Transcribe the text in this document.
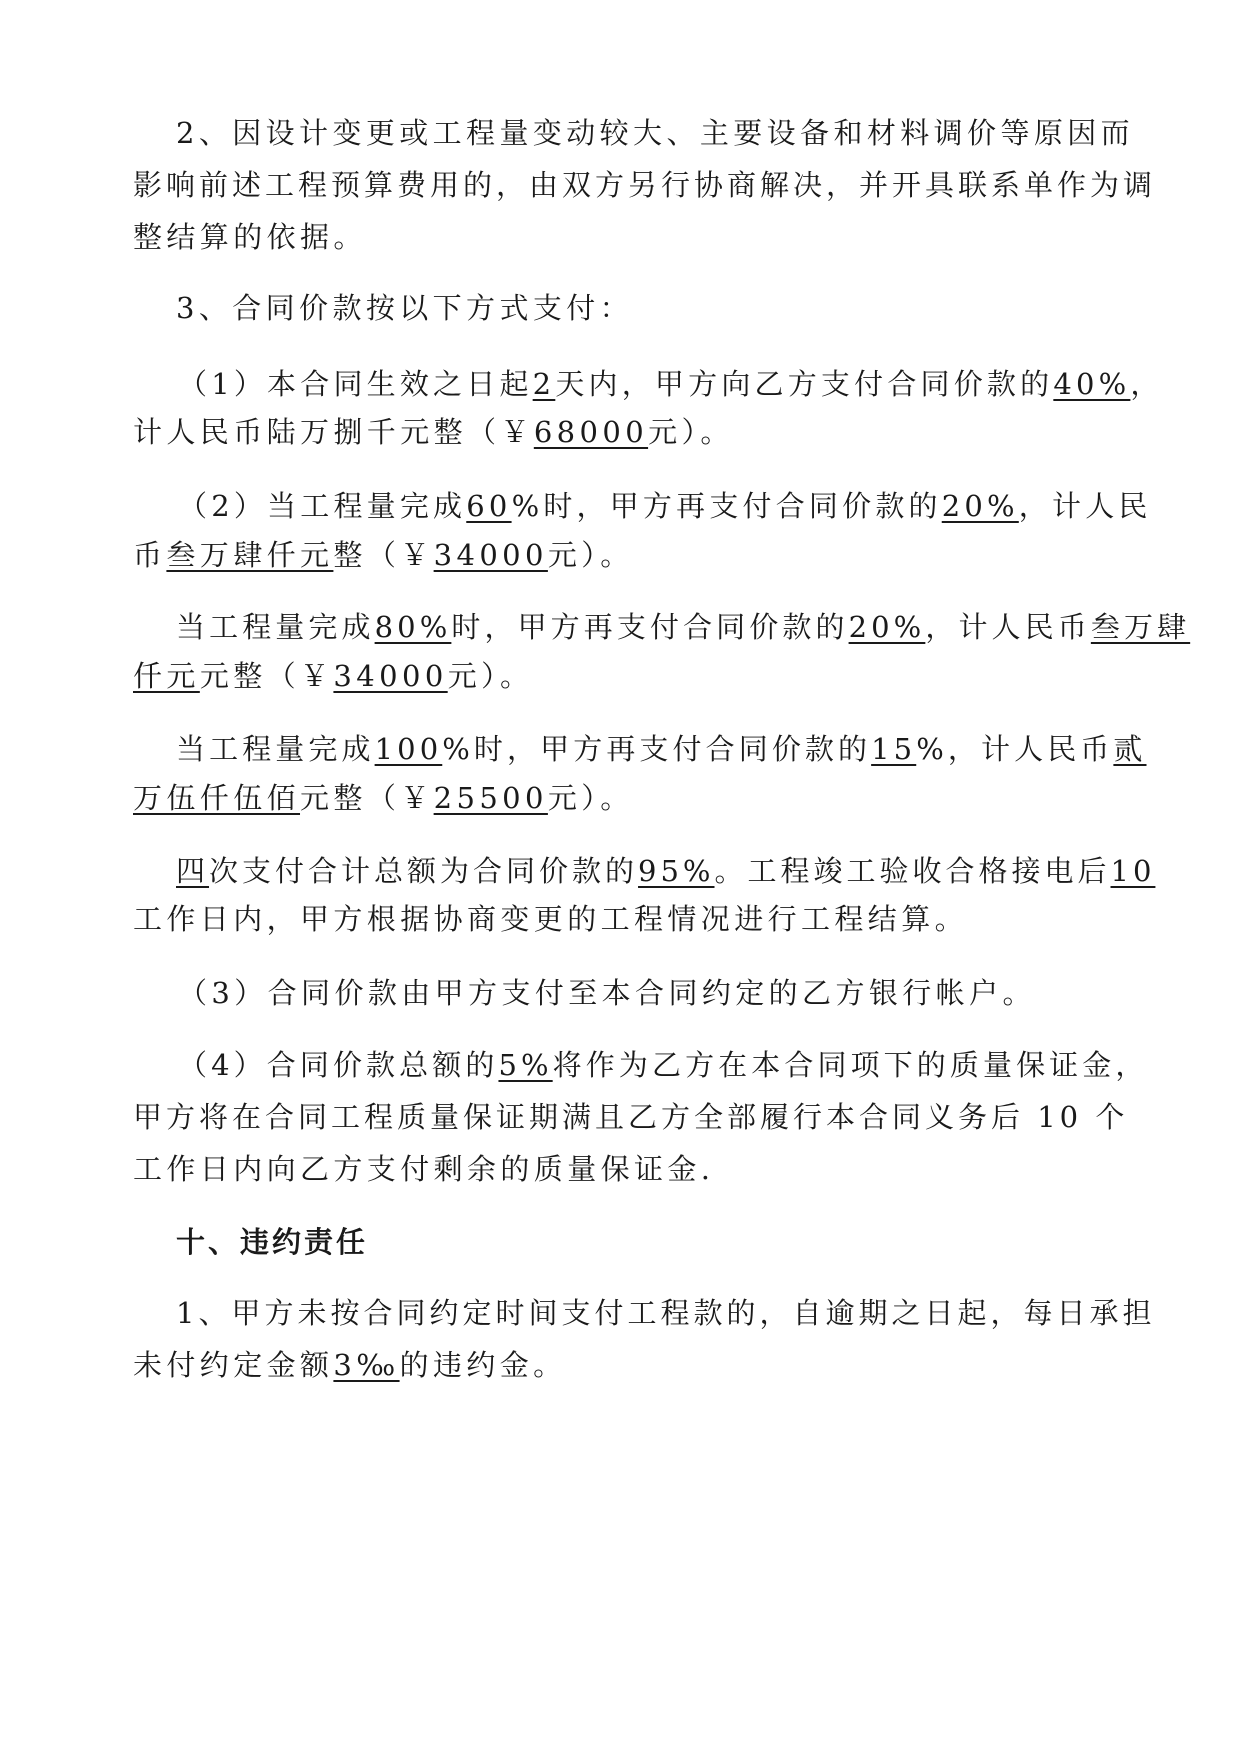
2、因设计变更或工程量变动较大、主要设备和材料调价等原因而
影响前述工程预算费用的，由双方另行协商解决，并开具联系单作为调
整结算的依据。
3、合同价款按以下方式支付：
（1）本合同生效之日起2天内，甲方向乙方支付合同价款的40%，
计人民币陆万捌千元整（￥68000元）。
（2）当工程量完成60%时，甲方再支付合同价款的20%，计人民
币叁万肆仟元整（￥34000元）。
当工程量完成80%时，甲方再支付合同价款的20%，计人民币叁万肆
仟元元整（￥34000元）。
当工程量完成100%时，甲方再支付合同价款的15%，计人民币贰
万伍仟伍佰元整（￥25500元）。
四次支付合计总额为合同价款的95%。工程竣工验收合格接电后10
工作日内，甲方根据协商变更的工程情况进行工程结算。
（3）合同价款由甲方支付至本合同约定的乙方银行帐户。
（4）合同价款总额的5%将作为乙方在本合同项下的质量保证金，
甲方将在合同工程质量保证期满且乙方全部履行本合同义务后 10 个
工作日内向乙方支付剩余的质量保证金.
十、违约责任
1、甲方未按合同约定时间支付工程款的，自逾期之日起，每日承担
未付约定金额3‰的违约金。
